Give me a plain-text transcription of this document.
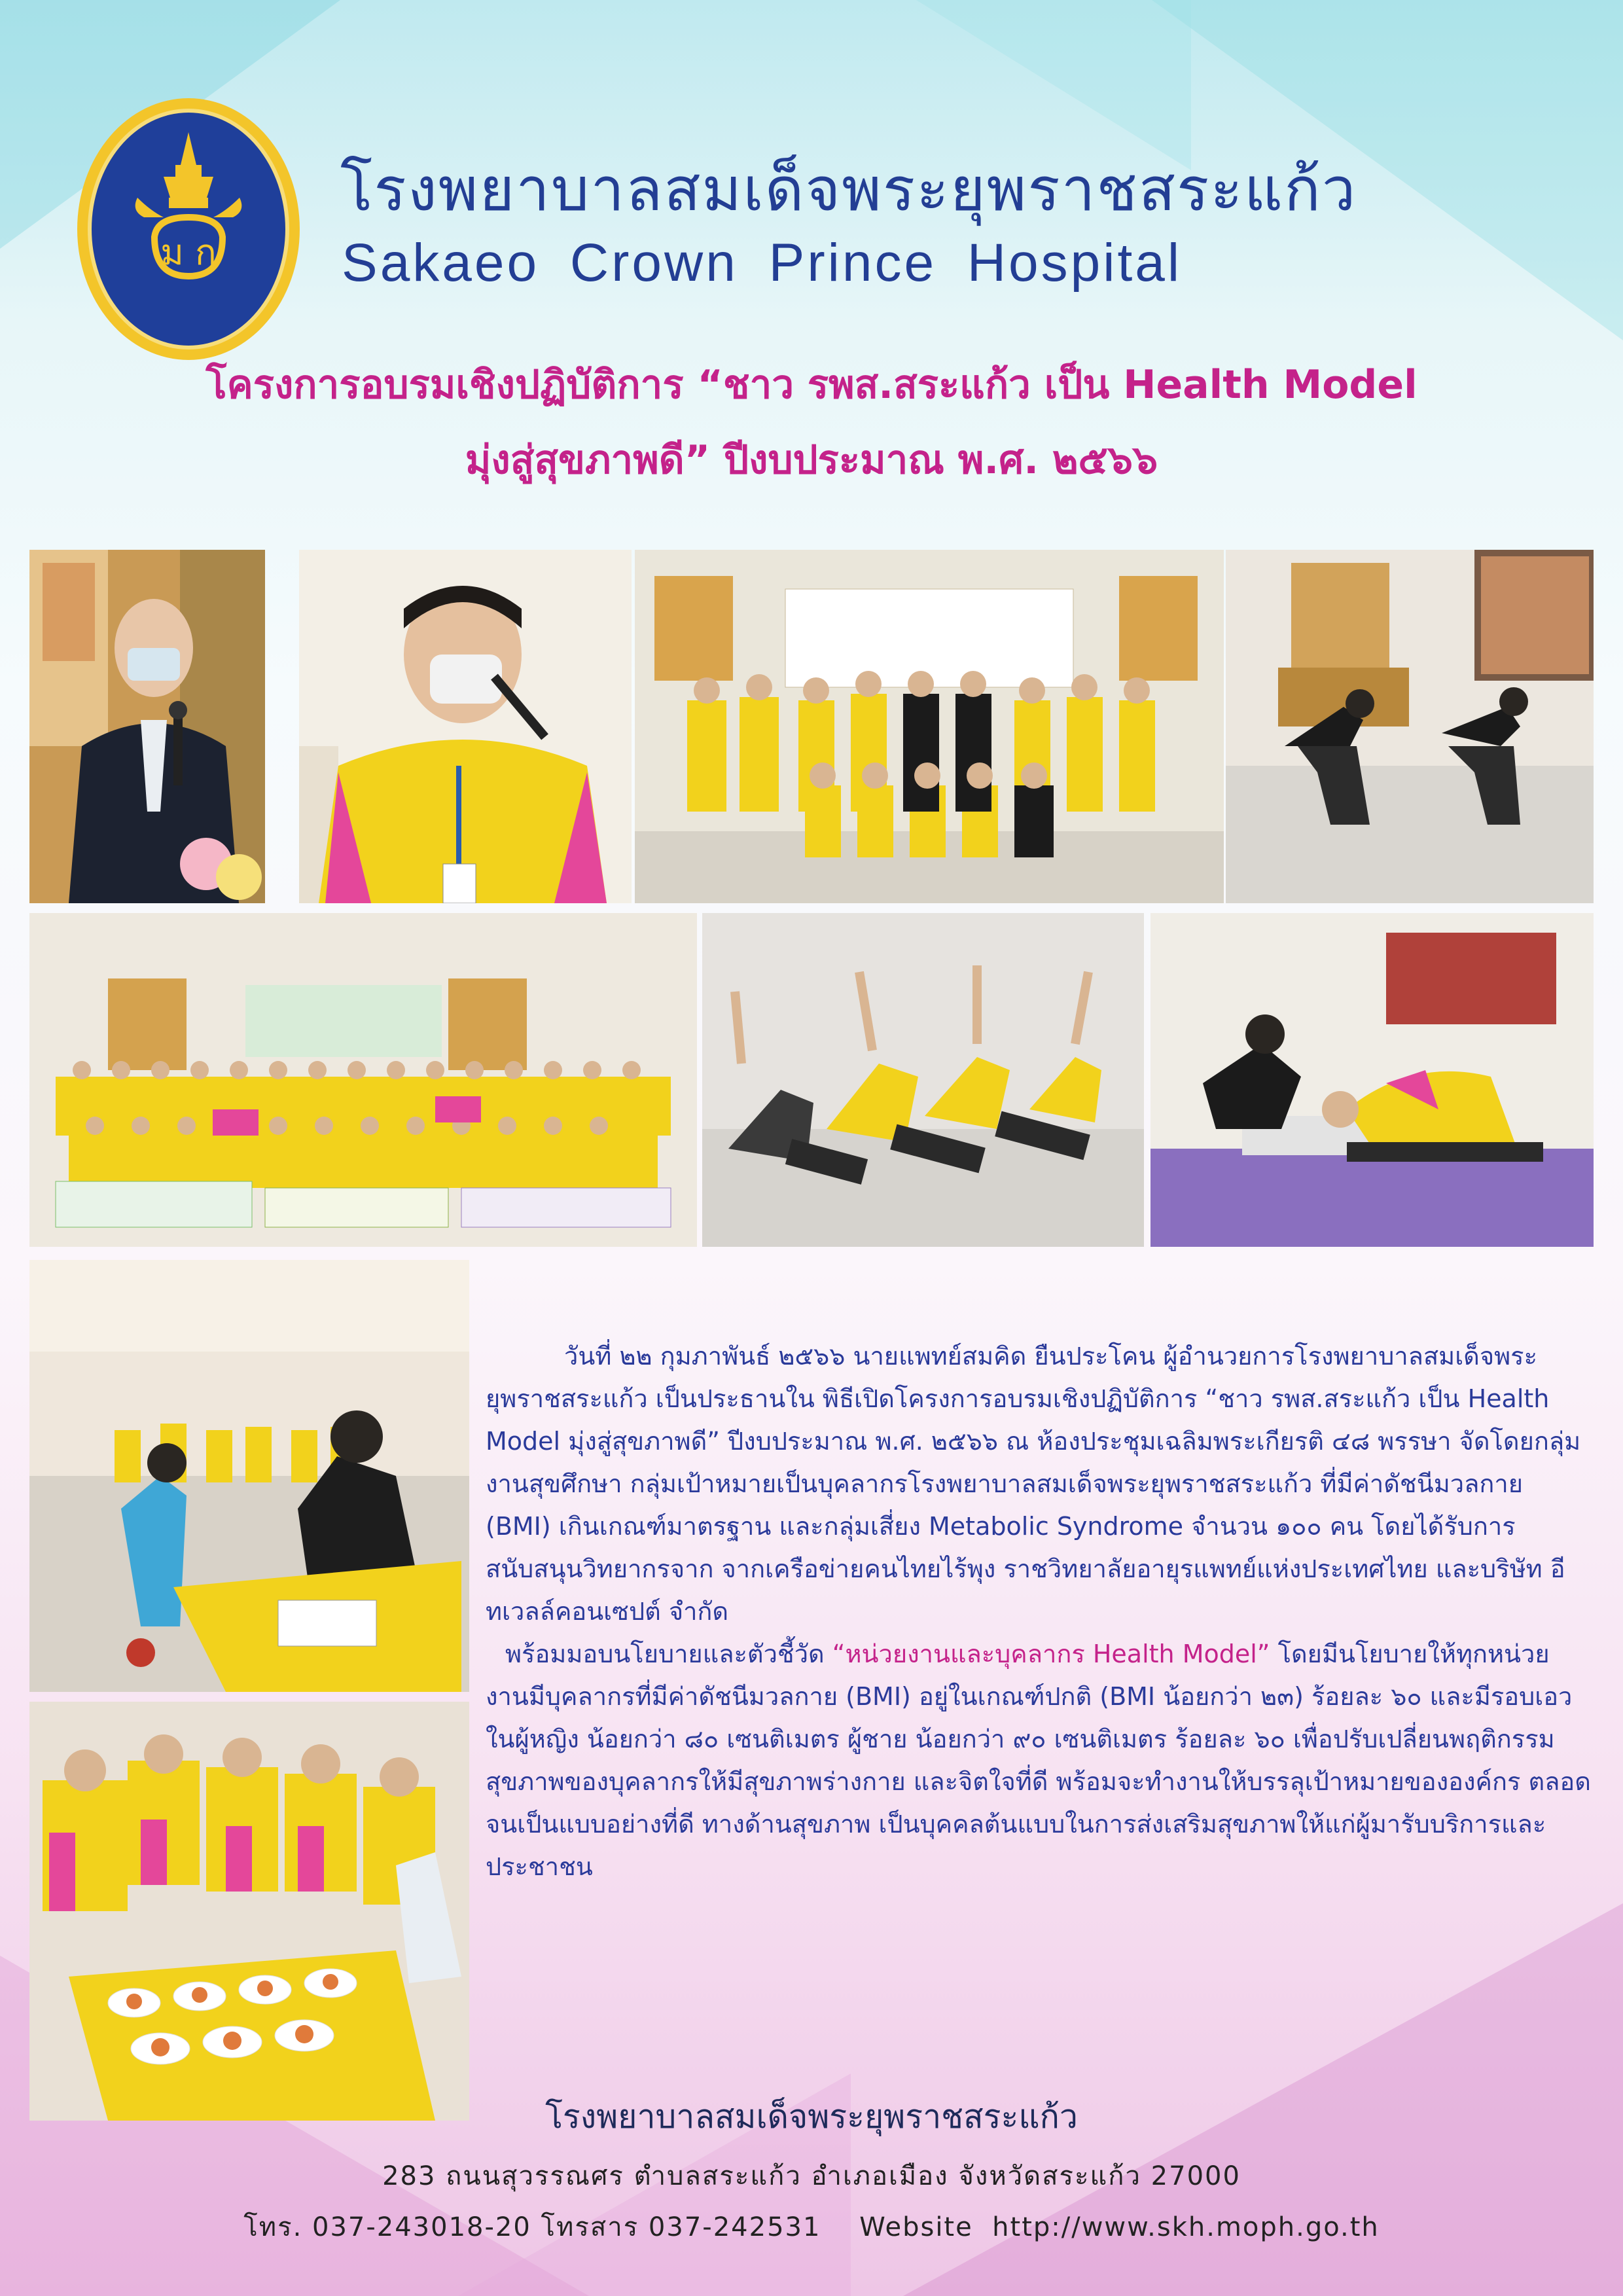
ม ก
โรงพยาบาลสมเด็จพระยุพราชสระแก้ว
Sakaeo Crown Prince Hospital
โครงการอบรมเชิงปฏิบัติการ “ชาว รพส.สระแก้ว เป็น Health Model
มุ่งสู่สุขภาพดี” ปีงบประมาณ พ.ศ. ๒๕๖๖

วันที่ ๒๒ กุมภาพันธ์ ๒๕๖๖ นายแพทย์สมคิด ยืนประโคน ผู้อำนวยการโรงพยาบาลสมเด็จพระยุพราชสระแก้ว เป็นประธานใน พิธีเปิดโครงการอบรมเชิงปฏิบัติการ “ชาว รพส.สระแก้ว เป็น Health Model มุ่งสู่สุขภาพดี” ปีงบประมาณ พ.ศ. ๒๕๖๖ ณ ห้องประชุมเฉลิมพระเกียรติ ๔๘ พรรษา จัดโดยกลุ่มงานสุขศึกษา กลุ่มเป้าหมายเป็นบุคลากรโรงพยาบาลสมเด็จพระยุพราชสระแก้ว ที่มีค่าดัชนีมวลกาย (BMI) เกินเกณฑ์มาตรฐาน และกลุ่มเสี่ยง Metabolic Syndrome จำนวน ๑๐๐ คน โดยได้รับการสนับสนุนวิทยากรจาก จากเครือข่ายคนไทยไร้พุง ราชวิทยาลัยอายุรแพทย์แห่งประเทศไทย และบริษัท อีทเวลล์คอนเซปต์ จำกัด

พร้อมมอบนโยบายและตัวชี้วัด “หน่วยงานและบุคลากร Health Model” โดยมีนโยบายให้ทุกหน่วยงานมีบุคลากรที่มีค่าดัชนีมวลกาย (BMI) อยู่ในเกณฑ์ปกติ (BMI น้อยกว่า ๒๓) ร้อยละ ๖๐ และมีรอบเอวในผู้หญิง น้อยกว่า ๘๐ เซนติเมตร ผู้ชาย น้อยกว่า ๙๐ เซนติเมตร ร้อยละ ๖๐ เพื่อปรับเปลี่ยนพฤติกรรมสุขภาพของบุคลากรให้มีสุขภาพร่างกาย และจิตใจที่ดี พร้อมจะทำงานให้บรรลุเป้าหมายขององค์กร ตลอดจนเป็นแบบอย่างที่ดี ทางด้านสุขภาพ เป็นบุคคลต้นแบบในการส่งเสริมสุขภาพให้แก่ผู้มารับบริการและประชาชน

โรงพยาบาลสมเด็จพระยุพราชสระแก้ว
283 ถนนสุวรรณศร ตำบลสระแก้ว อำเภอเมือง จังหวัดสระแก้ว 27000
โทร. 037-243018-20 โทรสาร 037-242531    Website  http://www.skh.moph.go.th
